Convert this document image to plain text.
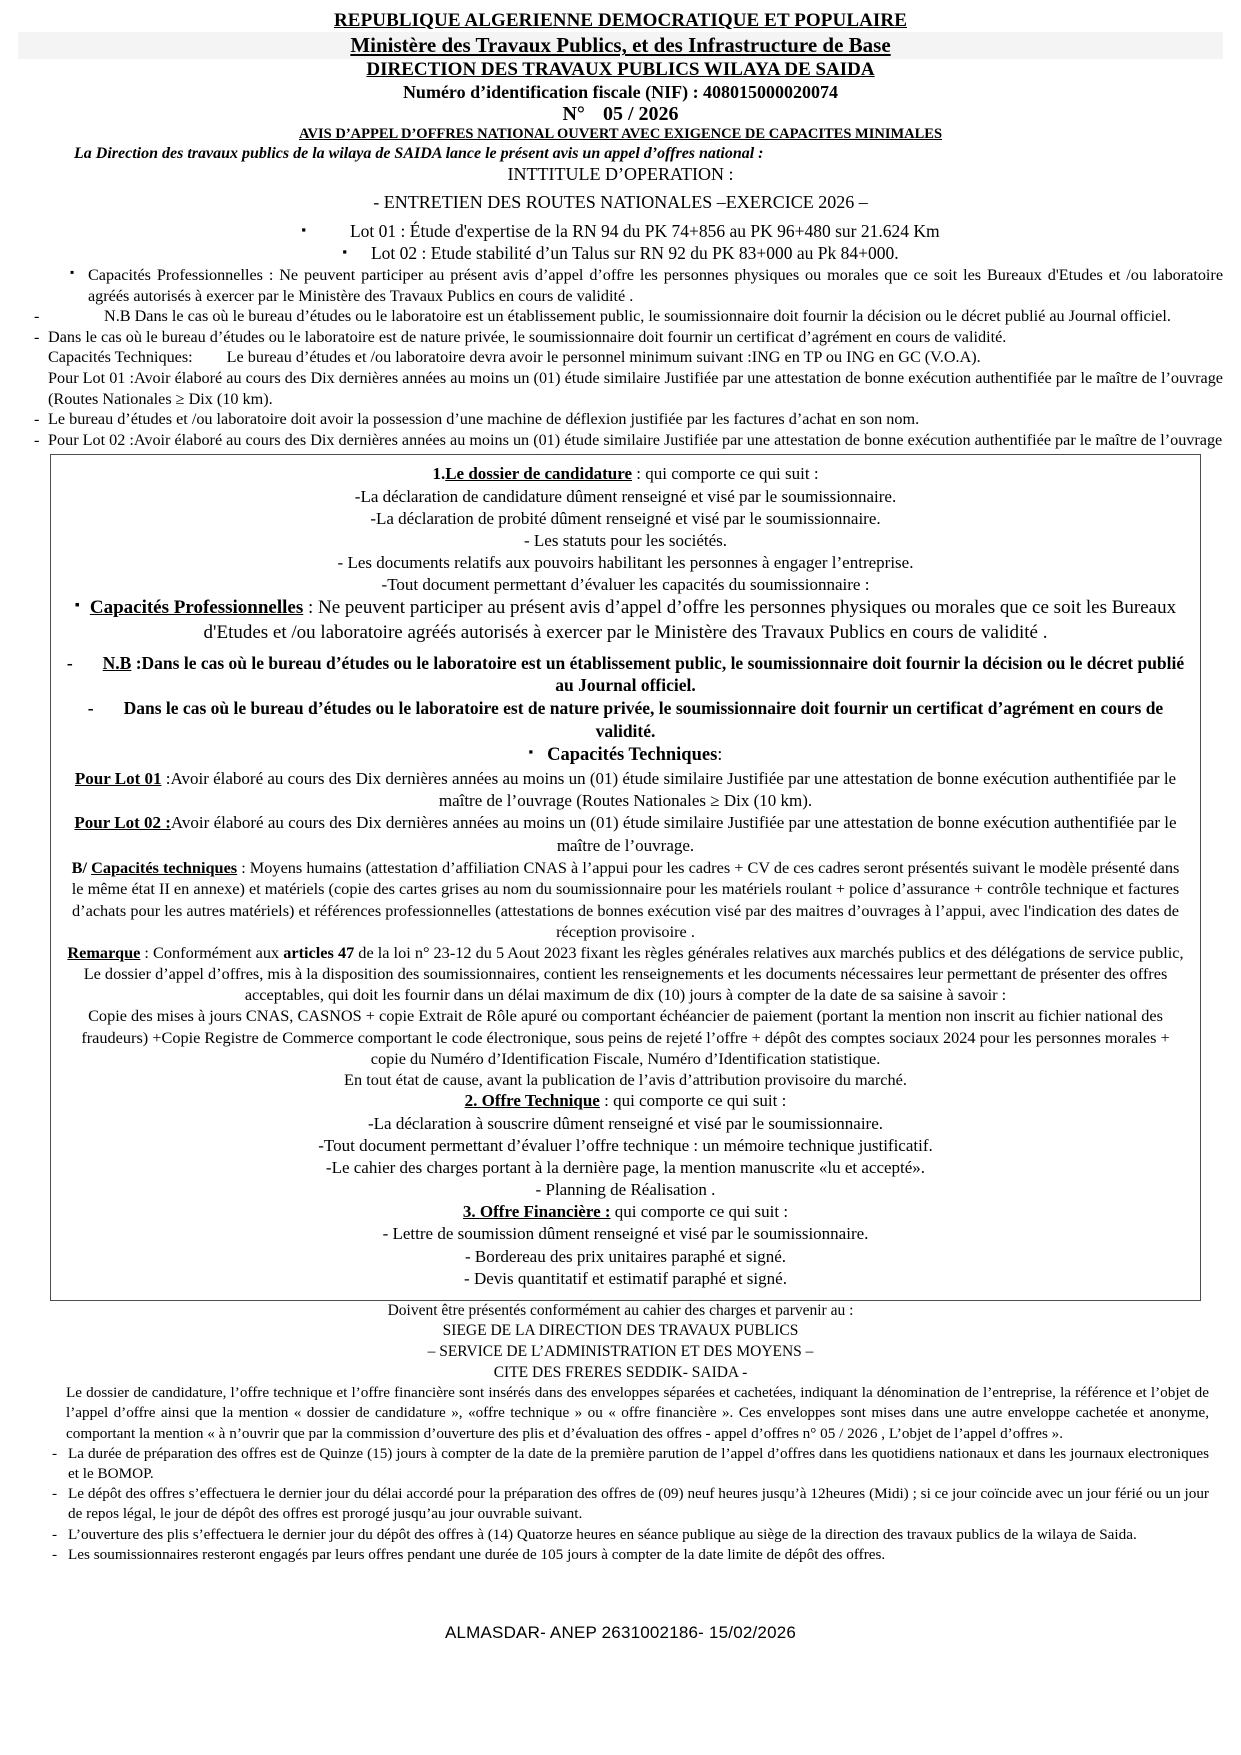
REPUBLIQUE ALGERIENNE DEMOCRATIQUE ET POPULAIRE
Ministère des Travaux Publics, et des Infrastructure de Base
DIRECTION DES TRAVAUX PUBLICS WILAYA DE SAIDA
Numéro d’identification fiscale (NIF) : 408015000020074
N° 05 / 2026
AVIS D’APPEL D’OFFRES NATIONAL OUVERT AVEC EXIGENCE DE CAPACITES MINIMALES
La Direction des travaux publics de la wilaya de SAIDA lance le présent avis un appel d’offres national :
INTTITULE D’OPERATION :
- ENTRETIEN DES ROUTES NATIONALES –EXERCICE 2026 –
▪ Lot 01 : Étude d'expertise de la RN 94 du PK 74+856 au PK 96+480 sur 21.624 Km
▪ Lot 02 : Etude stabilité d’un Talus sur RN 92 du PK 83+000 au Pk 84+000.
▪ Capacités Professionnelles : Ne peuvent participer au présent avis d’appel d’offre les personnes physiques ou morales que ce soit les Bureaux d'Etudes et /ou laboratoire agréés autorisés à exercer par le Ministère des Travaux Publics en cours de validité .
-	N.B Dans le cas où le bureau d’études ou le laboratoire est un établissement public, le soumissionnaire doit fournir la décision ou le décret publié au Journal officiel.
- Dans le cas où le bureau d’études ou le laboratoire est de nature privée, le soumissionnaire doit fournir un certificat d’agrément en cours de validité.
Capacités Techniques: Le bureau d’études et /ou laboratoire devra avoir le personnel minimum suivant :ING en TP ou ING en GC (V.O.A).
Pour Lot 01 :Avoir élaboré au cours des Dix dernières années au moins un (01) étude similaire Justifiée par une attestation de bonne exécution authentifiée par le maître de l’ouvrage (Routes Nationales ≥ Dix (10 km).
- Le bureau d’études et /ou laboratoire doit avoir la possession d’une machine de déflexion justifiée par les factures d’achat en son nom.
- Pour Lot 02 :Avoir élaboré au cours des Dix dernières années au moins un (01) étude similaire Justifiée par une attestation de bonne exécution authentifiée par le maître de l’ouvrage
1.Le dossier de candidature : qui comporte ce qui suit :
-La déclaration de candidature dûment renseigné et visé par le soumissionnaire.
-La déclaration de probité dûment renseigné et visé par le soumissionnaire.
- Les statuts pour les sociétés.
- Les documents relatifs aux pouvoirs habilitant les personnes à engager l’entreprise.
-Tout document permettant d’évaluer les capacités du soumissionnaire :
▪ Capacités Professionnelles : Ne peuvent participer au présent avis d’appel d’offre les personnes physiques ou morales que ce soit les Bureaux d'Etudes et /ou laboratoire agréés autorisés à exercer par le Ministère des Travaux Publics en cours de validité .
- N.B :Dans le cas où le bureau d’études ou le laboratoire est un établissement public, le soumissionnaire doit fournir la décision ou le décret publié au Journal officiel.
- Dans le cas où le bureau d’études ou le laboratoire est de nature privée, le soumissionnaire doit fournir un certificat d’agrément en cours de validité.
▪ Capacités Techniques:
Pour Lot 01 :Avoir élaboré au cours des Dix dernières années au moins un (01) étude similaire Justifiée par une attestation de bonne exécution authentifiée par le maître de l’ouvrage (Routes Nationales ≥ Dix (10 km).
Pour Lot 02 :Avoir élaboré au cours des Dix dernières années au moins un (01) étude similaire Justifiée par une attestation de bonne exécution authentifiée par le maître de l’ouvrage.
B/ Capacités techniques : Moyens humains (attestation d’affiliation CNAS à l’appui pour les cadres + CV de ces cadres seront présentés suivant le modèle présenté dans le même état II en annexe) et matériels (copie des cartes grises au nom du soumissionnaire pour les matériels roulant + police d’assurance + contrôle technique et factures d’achats pour les autres matériels) et références professionnelles (attestations de bonnes exécution visé par des maitres d’ouvrages à l’appui, avec l'indication des dates de réception provisoire .
Remarque : Conformément aux articles 47 de la loi n° 23-12 du 5 Aout 2023 fixant les règles générales relatives aux marchés publics et des délégations de service public, Le dossier d’appel d’offres, mis à la disposition des soumissionnaires, contient les renseignements et les documents nécessaires leur permettant de présenter des offres acceptables, qui doit les fournir dans un délai maximum de dix (10) jours à compter de la date de sa saisine à savoir :
Copie des mises à jours CNAS, CASNOS + copie Extrait de Rôle apuré ou comportant échéancier de paiement (portant la mention non inscrit au fichier national des fraudeurs) +Copie Registre de Commerce comportant le code électronique, sous peins de rejeté l’offre + dépôt des comptes sociaux 2024 pour les personnes morales + copie du Numéro d’Identification Fiscale, Numéro d’Identification statistique.
En tout état de cause, avant la publication de l’avis d’attribution provisoire du marché.
2. Offre Technique : qui comporte ce qui suit :
-La déclaration à souscrire dûment renseigné et visé par le soumissionnaire.
-Tout document permettant d’évaluer l’offre technique : un mémoire technique justificatif.
-Le cahier des charges portant à la dernière page, la mention manuscrite «lu et accepté».
- Planning de Réalisation .
3. Offre Financière : qui comporte ce qui suit :
- Lettre de soumission dûment renseigné et visé par le soumissionnaire.
- Bordereau des prix unitaires paraphé et signé.
- Devis quantitatif et estimatif paraphé et signé.
Doivent être présentés conformément au cahier des charges et parvenir au :
SIEGE DE LA DIRECTION DES TRAVAUX PUBLICS
– SERVICE DE L’ADMINISTRATION ET DES MOYENS –
CITE DES FRERES SEDDIK- SAIDA -
Le dossier de candidature, l’offre technique et l’offre financière sont insérés dans des enveloppes séparées et cachetées, indiquant la dénomination de l’entreprise, la référence et l’objet de l’appel d’offre ainsi que la mention « dossier de candidature », «offre technique » ou « offre financière ». Ces enveloppes sont mises dans une autre enveloppe cachetée et anonyme, comportant la mention « à n’ouvrir que par la commission d’ouverture des plis et d’évaluation des offres - appel d’offres n° 05 / 2026 , L’objet de l’appel d’offres ».
- La durée de préparation des offres est de Quinze (15) jours à compter de la date de la première parution de l’appel d’offres dans les quotidiens nationaux et dans les journaux electroniques et le BOMOP.
- Le dépôt des offres s’effectuera le dernier jour du délai accordé pour la préparation des offres de (09) neuf heures jusqu’à 12heures (Midi) ; si ce jour coïncide avec un jour férié ou un jour de repos légal, le jour de dépôt des offres est prorogé jusqu’au jour ouvrable suivant.
- L’ouverture des plis s’effectuera le dernier jour du dépôt des offres à (14) Quatorze heures en séance publique au siège de la direction des travaux publics de la wilaya de Saida.
- Les soumissionnaires resteront engagés par leurs offres pendant une durée de 105 jours à compter de la date limite de dépôt des offres.
ALMASDAR- ANEP 2631002186- 15/02/2026
